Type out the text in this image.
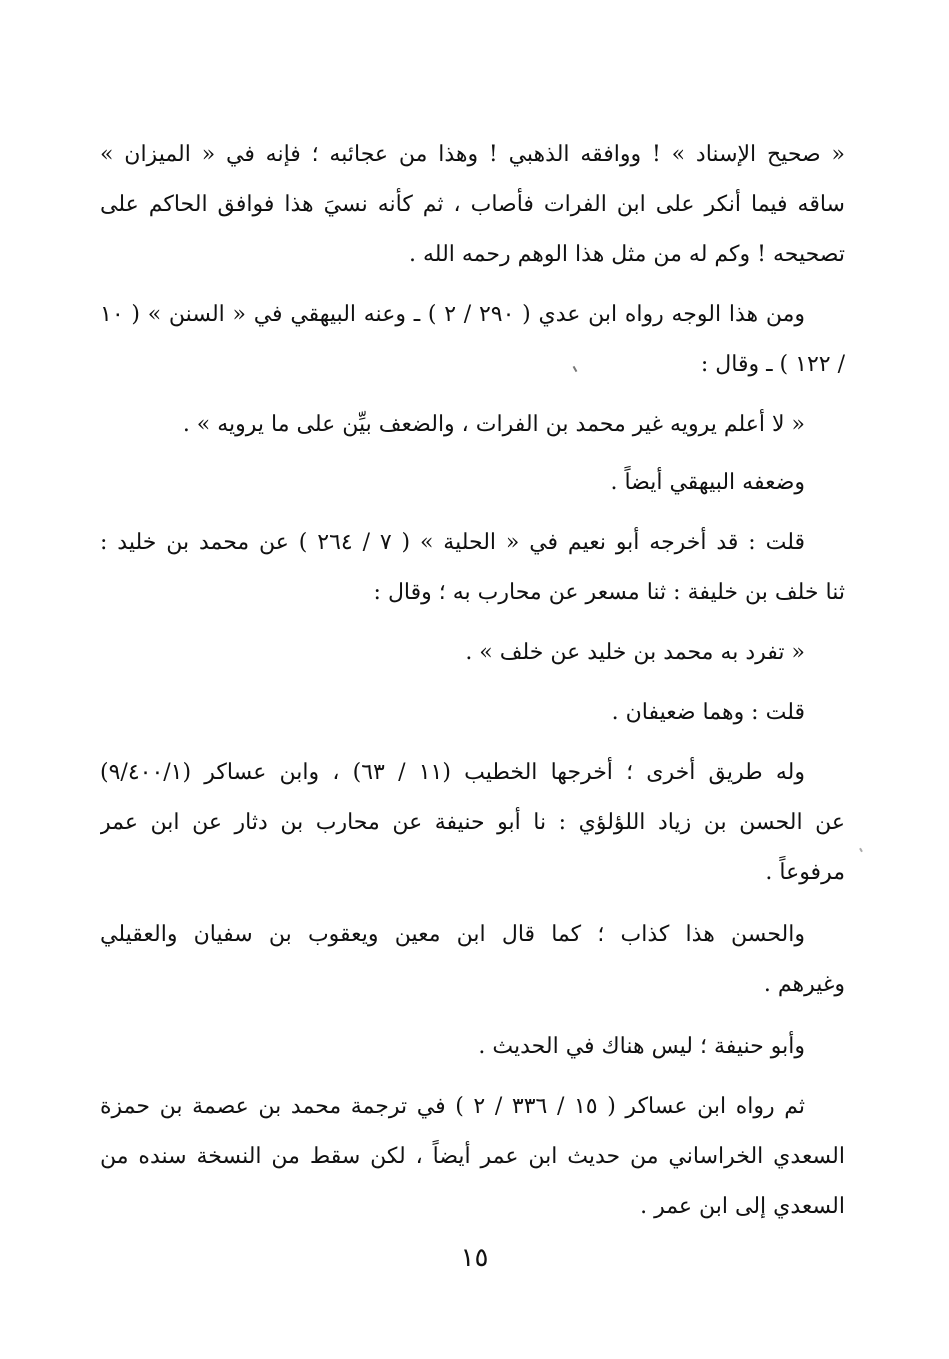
« صحيح الإسناد » ! ووافقه الذهبي ! وهذا من عجائبه ؛ فإنه في « الميزان »
ساقه فيما أنكر على ابن الفرات فأصاب ، ثم كأنه نسيَ هذا فوافق الحاكم على
تصحيحه ! وكم له من مثل هذا الوهم رحمه الله .
ومن هذا الوجه رواه ابن عدي ( ٢٩٠ / ٢ ) ـ وعنه البيهقي في « السنن » ( ١٠
/ ١٢٢ ) ـ وقال :
« لا أعلم يرويه غير محمد بن الفرات ، والضعف بيِّن على ما يرويه » .
وضعفه البيهقي أيضاً .
قلت : قد أخرجه أبو نعيم في « الحلية » ( ٧ / ٢٦٤ ) عن محمد بن خليد :
ثنا خلف بن خليفة : ثنا مسعر عن محارب به ؛ وقال :
« تفرد به محمد بن خليد عن خلف » .
قلت : وهما ضعيفان .
وله طريق أخرى ؛ أخرجها الخطيب (١١ / ٦٣) ، وابن عساكر (٩/٤٠٠/١)
عن الحسن بن زياد اللؤلؤي : نا أبو حنيفة عن محارب بن دثار عن ابن عمر
مرفوعاً .
والحسن هذا كذاب ؛ كما قال ابن معين ويعقوب بن سفيان والعقيلي
وغيرهم .
وأبو حنيفة ؛ ليس هناك في الحديث .
ثم رواه ابن عساكر ( ١٥ / ٣٣٦ / ٢ ) في ترجمة محمد بن عصمة بن حمزة
السعدي الخراساني من حديث ابن عمر أيضاً ، لكن سقط من النسخة سنده من
السعدي إلى ابن عمر .
١٥
